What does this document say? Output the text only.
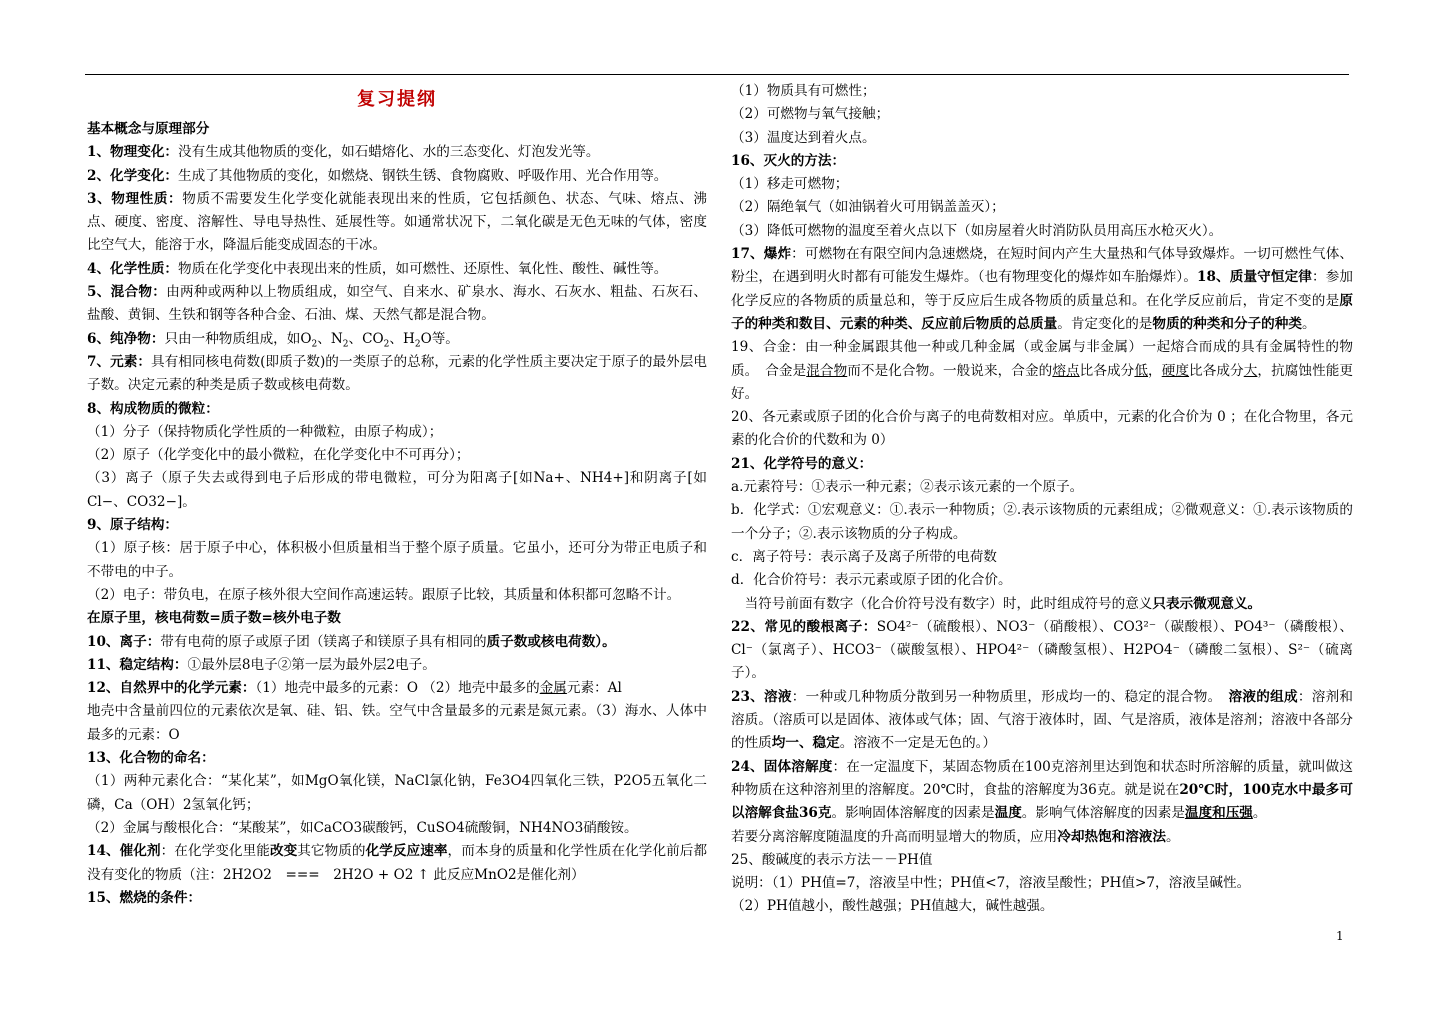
复习提纲

基本概念与原理部分

1、物理变化：没有生成其他物质的变化，如石蜡熔化、水的三态变化、灯泡发光等。

2、化学变化：生成了其他物质的变化，如燃烧、钢铁生锈、食物腐败、呼吸作用、光合作用等。

3、物理性质：物质不需要发生化学变化就能表现出来的性质，它包括颜色、状态、气味、熔点、沸点、硬度、密度、溶解性、导电导热性、延展性等。如通常状况下，二氧化碳是无色无味的气体，密度比空气大，能溶于水，降温后能变成固态的干冰。

4、化学性质：物质在化学变化中表现出来的性质，如可燃性、还原性、氧化性、酸性、碱性等。

5、混合物：由两种或两种以上物质组成，如空气、自来水、矿泉水、海水、石灰水、粗盐、石灰石、盐酸、黄铜、生铁和钢等各种合金、石油、煤、天然气都是混合物。

6、纯净物：只由一种物质组成，如$O_2$、$N_2$、$CO_2$、$H_2O$等。

7、元素：具有相同核电荷数(即质子数)的一类原子的总称，元素的化学性质主要决定于原子的最外层电子数。决定元素的种类是质子数或核电荷数。

8、构成物质的微粒：

（1）分子（保持物质化学性质的一种微粒，由原子构成）；

（2）原子（化学变化中的最小微粒，在化学变化中不可再分）；

（3）离子（原子失去或得到电子后形成的带电微粒，可分为阳离子[如Na+、NH4+]和阴离子[如Cl−、CO32−]。

9、原子结构：

（1）原子核：居于原子中心，体积极小但质量相当于整个原子质量。它虽小，还可分为带正电质子和不带电的中子。

（2）电子：带负电，在原子核外很大空间作高速运转。跟原子比较，其质量和体积都可忽略不计。

在原子里，核电荷数=质子数=核外电子数

10、离子：带有电荷的原子或原子团（镁离子和镁原子具有相同的质子数或核电荷数）。

11、稳定结构：①最外层8电子②第一层为最外层2电子。

12、自然界中的化学元素：（1）地壳中最多的元素：O （2）地壳中最多的金属元素：Al

地壳中含量前四位的元素依次是氧、硅、铝、铁。空气中含量最多的元素是氮元素。（3）海水、人体中最多的元素：O

13、化合物的命名：

（1）两种元素化合：“某化某”，如MgO氧化镁，NaCl氯化钠，Fe3O4四氧化三铁，P2O5五氧化二磷，Ca（OH）2氢氧化钙；

（2）金属与酸根化合：“某酸某”，如CaCO3碳酸钙，CuSO4硫酸铜，NH4NO3硝酸铵。

14、催化剂：在化学变化里能改变其它物质的化学反应速率，而本身的质量和化学性质在化学化前后都没有变化的物质（注：2H2O2　===　2H2O + O2 ↑ 此反应MnO2是催化剂）

15、燃烧的条件：

（1）物质具有可燃性；

（2）可燃物与氧气接触；

（3）温度达到着火点。

16、灭火的方法：

（1）移走可燃物；

（2）隔绝氧气（如油锅着火可用锅盖盖灭）；

（3）降低可燃物的温度至着火点以下（如房屋着火时消防队员用高压水枪灭火）。

17、爆炸：可燃物在有限空间内急速燃烧，在短时间内产生大量热和气体导致爆炸。一切可燃性气体、粉尘，在遇到明火时都有可能发生爆炸。（也有物理变化的爆炸如车胎爆炸）。18、质量守恒定律：参加化学反应的各物质的质量总和，等于反应后生成各物质的质量总和。在化学反应前后，肯定不变的是原子的种类和数目、元素的种类、反应前后物质的总质量。肯定变化的是物质的种类和分子的种类。

19、合金：由一种金属跟其他一种或几种金属（或金属与非金属）一起熔合而成的具有金属特性的物质。　合金是混合物而不是化合物。一般说来，合金的熔点比各成分低，硬度比各成分大，抗腐蚀性能更好。

20、各元素或原子团的化合价与离子的电荷数相对应。单质中，元素的化合价为 0 ；在化合物里，各元素的化合价的代数和为 0）

21、化学符号的意义：

a.元素符号：①表示一种元素；②表示该元素的一个原子。

b．化学式：①宏观意义：①.表示一种物质；②.表示该物质的元素组成；②微观意义：①.表示该物质的一个分子；②.表示该物质的分子构成。

c．离子符号：表示离子及离子所带的电荷数

d．化合价符号：表示元素或原子团的化合价。

　当符号前面有数字（化合价符号没有数字）时，此时组成符号的意义只表示微观意义。

22、常见的酸根离子：SO4²⁻（硫酸根）、NO3⁻（硝酸根）、CO3²⁻（碳酸根）、PO4³⁻（磷酸根）、Cl⁻（氯离子）、HCO3⁻（碳酸氢根）、HPO4²⁻（磷酸氢根）、H2PO4⁻（磷酸二氢根）、S²⁻（硫离子）。

23、溶液：一种或几种物质分散到另一种物质里，形成均一的、稳定的混合物。　溶液的组成：溶剂和溶质。（溶质可以是固体、液体或气体；固、气溶于液体时，固、气是溶质，液体是溶剂；溶液中各部分的性质均一、稳定。溶液不一定是无色的。）

24、固体溶解度：在一定温度下，某固态物质在100克溶剂里达到饱和状态时所溶解的质量，就叫做这种物质在这种溶剂里的溶解度。20℃时，食盐的溶解度为36克。就是说在20℃时，100克水中最多可以溶解食盐36克。影响固体溶解度的因素是温度。影响气体溶解度的因素是温度和压强。

若要分离溶解度随温度的升高而明显增大的物质，应用冷却热饱和溶液法。

25、酸碱度的表示方法－－PH值

说明：（1）PH值=7，溶液呈中性；PH值<7，溶液呈酸性；PH值>7，溶液呈碱性。

（2）PH值越小，酸性越强；PH值越大，碱性越强。

1
